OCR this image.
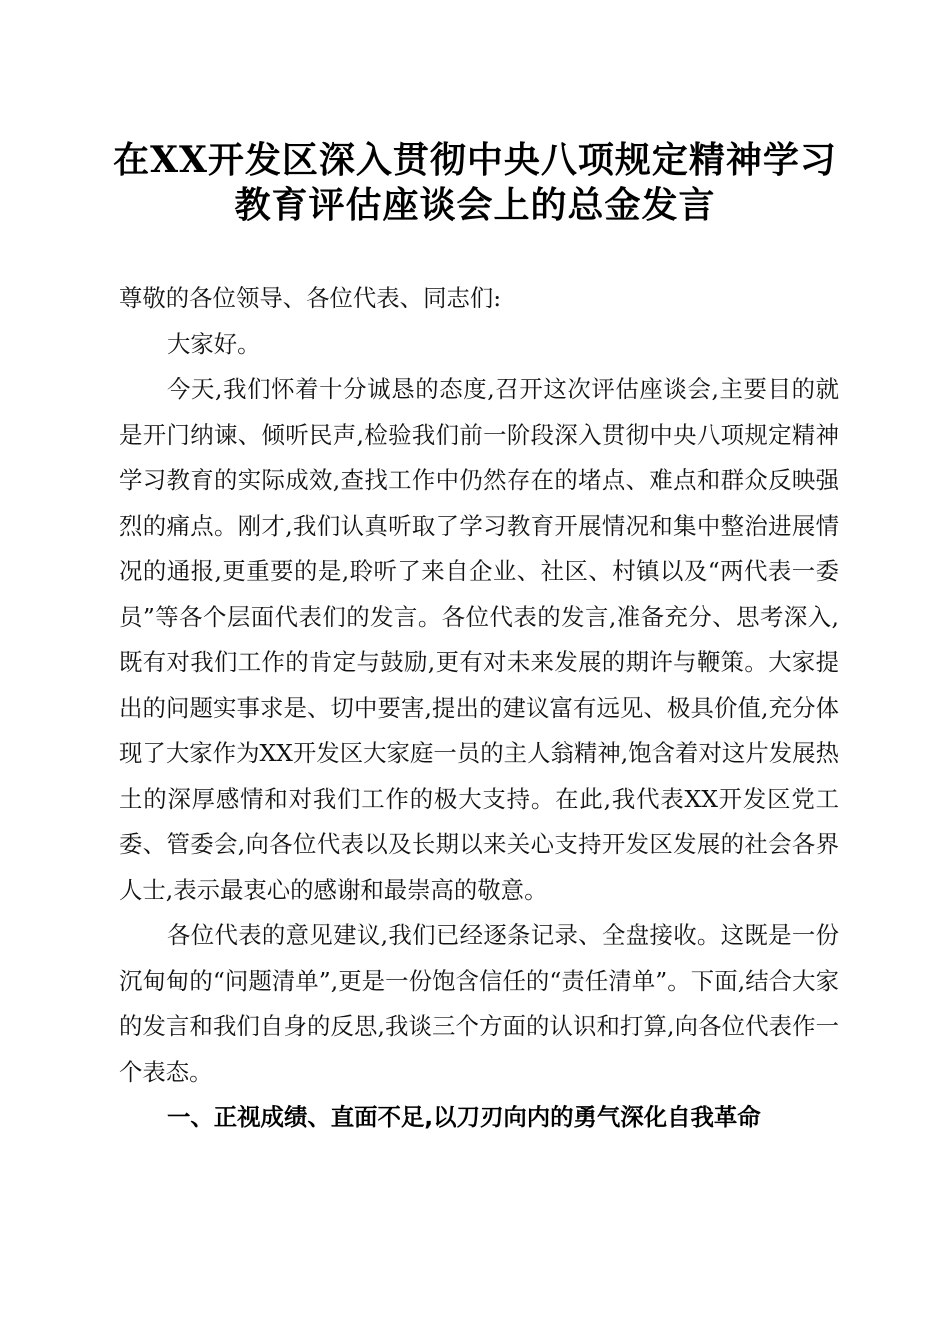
在XX开发区深入贯彻中央八项规定精神学习
教育评估座谈会上的总金发言

尊敬的各位领导、各位代表、同志们:

大家好。

今天,我们怀着十分诚恳的态度,召开这次评估座谈会,主要目的就是开门纳谏、倾听民声,检验我们前一阶段深入贯彻中央八项规定精神学习教育的实际成效,查找工作中仍然存在的堵点、难点和群众反映强烈的痛点。刚才,我们认真听取了学习教育开展情况和集中整治进展情况的通报,更重要的是,聆听了来自企业、社区、村镇以及“两代表一委员”等各个层面代表们的发言。各位代表的发言,准备充分、思考深入,既有对我们工作的肯定与鼓励,更有对未来发展的期许与鞭策。大家提出的问题实事求是、切中要害,提出的建议富有远见、极具价值,充分体现了大家作为XX开发区大家庭一员的主人翁精神,饱含着对这片发展热土的深厚感情和对我们工作的极大支持。在此,我代表XX开发区党工委、管委会,向各位代表以及长期以来关心支持开发区发展的社会各界人士,表示最衷心的感谢和最崇高的敬意。

各位代表的意见建议,我们已经逐条记录、全盘接收。这既是一份沉甸甸的“问题清单”,更是一份饱含信任的“责任清单”。下面,结合大家的发言和我们自身的反思,我谈三个方面的认识和打算,向各位代表作一个表态。

一、正视成绩、直面不足,以刀刃向内的勇气深化自我革命
